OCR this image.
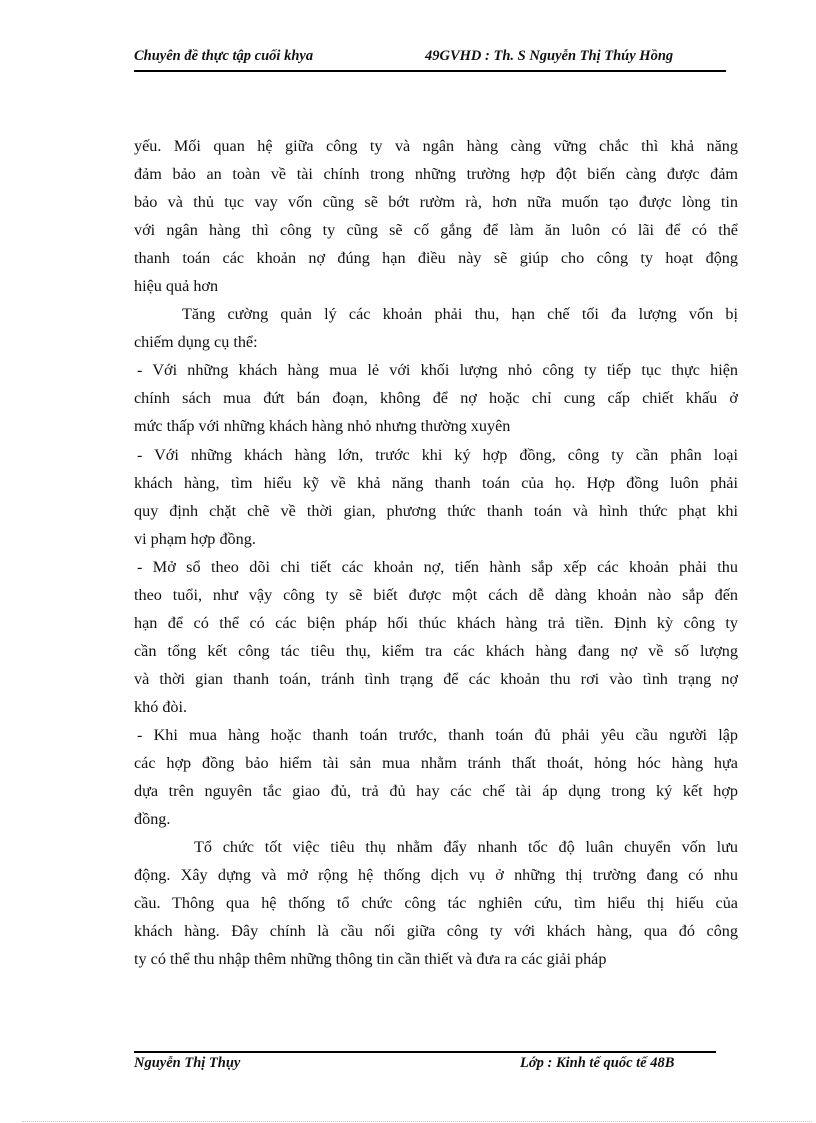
Chuyên đề thực tập cuối khya	49GVHD : Th. S Nguyễn Thị Thúy Hồng
yếu. Mối quan hệ giữa công ty và ngân hàng càng vững chắc thì khả năng
đảm bảo an toàn về tài chính trong những trường hợp đột biến càng được đảm
bảo và thủ tục vay vốn cũng sẽ bớt rườm rà, hơn nữa muốn tạo được lòng tin
với ngân hàng thì công ty cũng sẽ cố gắng để làm ăn luôn có lãi để có thể
thanh toán các khoản nợ đúng hạn điều này sẽ giúp cho công ty hoạt động
hiệu quả hơn
Tăng cường quản lý các khoản phải thu, hạn chế tối đa lượng vốn bị
chiếm dụng cụ thể:
- Với những khách hàng mua lẻ với khối lượng nhỏ công ty tiếp tục thực hiện
chính sách mua đứt bán đoạn, không để nợ hoặc chỉ cung cấp chiết khấu ở
mức thấp với những khách hàng nhỏ nhưng thường xuyên
- Với những khách hàng lớn, trước khi ký hợp đồng, công ty cần phân loại
khách hàng, tìm hiểu kỹ về khả năng thanh toán của họ. Hợp đồng luôn phải
quy định chặt chẽ về thời gian, phương thức thanh toán và hình thức phạt khi
vi phạm hợp đồng.
- Mở sổ theo dõi chi tiết các khoản nợ, tiến hành sắp xếp các khoản phải thu
theo tuổi, như vậy công ty sẽ biết được một cách dễ dàng khoản nào sắp đến
hạn để có thể có các biện pháp hối thúc khách hàng trả tiền. Định kỳ công ty
cần tổng kết công tác tiêu thụ, kiểm tra các khách hàng đang nợ về số lượng
và thời gian thanh toán, tránh tình trạng để các khoản thu rơi vào tình trạng nợ
khó đòi.
- Khi mua hàng hoặc thanh toán trước, thanh toán đủ phải yêu cầu người lập
các hợp đồng bảo hiểm tài sản mua nhằm tránh thất thoát, hỏng hóc hàng hựa
dựa trên nguyên tắc giao đủ, trả đủ hay các chế tài áp dụng trong ký kết hợp
đồng.
Tổ chức tốt việc tiêu thụ nhằm đẩy nhanh tốc độ luân chuyển vốn lưu
động. Xây dựng và mở rộng hệ thống dịch vụ ở những thị trường đang có nhu
cầu. Thông qua hệ thống tổ chức công tác nghiên cứu, tìm hiểu thị hiếu của
khách hàng. Đây chính là cầu nối giữa công ty với khách hàng, qua đó công
ty có thể thu nhập thêm những thông tin cần thiết và đưa ra các giải pháp
Nguyễn Thị Thụy	Lớp : Kinh tế quốc tế 48B
